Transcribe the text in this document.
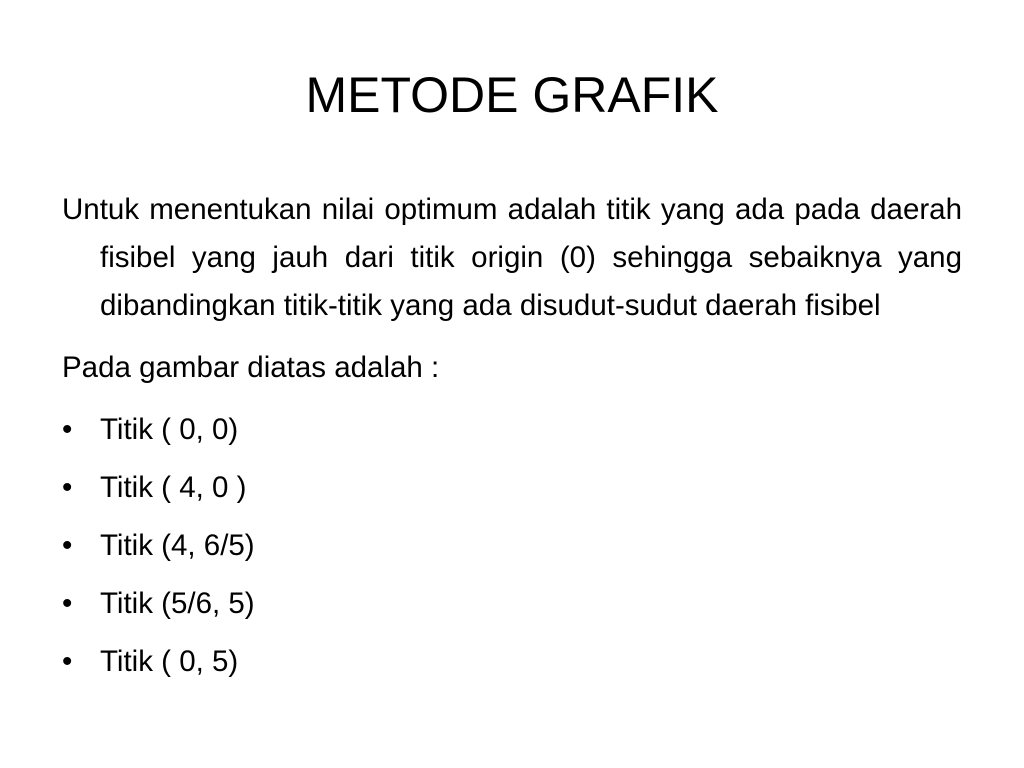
METODE GRAFIK

Untuk menentukan nilai optimum adalah titik yang ada pada daerah fisibel yang jauh dari titik origin (0) sehingga sebaiknya yang dibandingkan titik-titik yang ada disudut-sudut daerah fisibel

Pada gambar diatas adalah :

• Titik ( 0, 0)
• Titik ( 4, 0 )
• Titik (4, 6/5)
• Titik (5/6, 5)
• Titik ( 0, 5)
